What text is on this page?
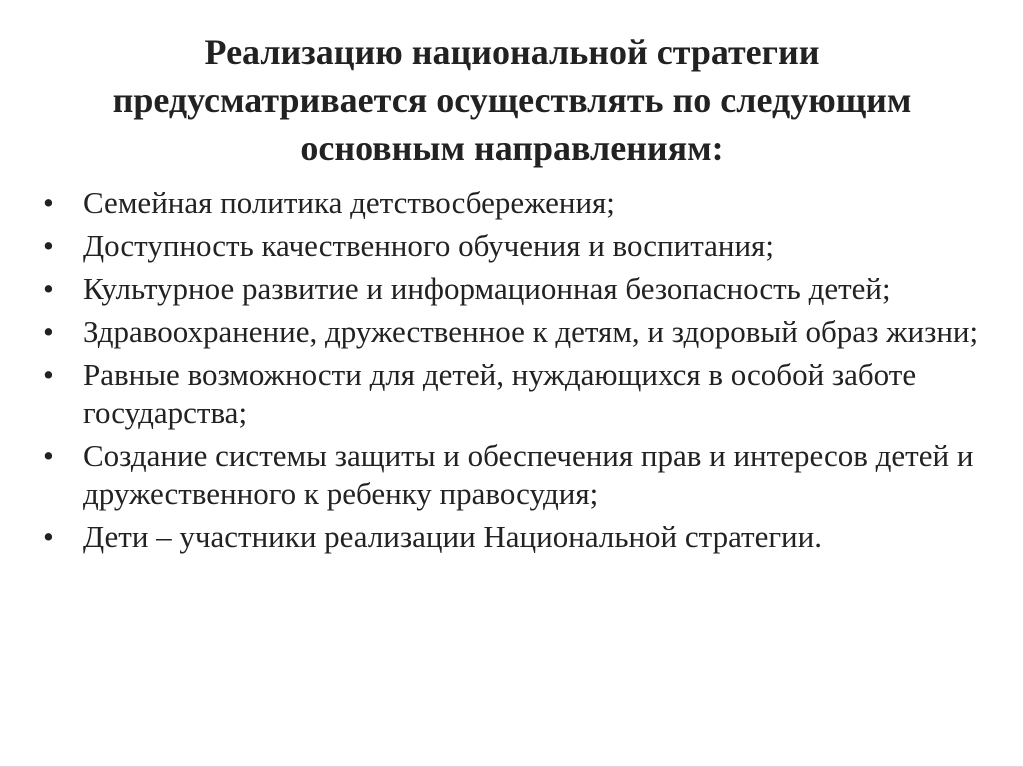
Реализацию национальной стратегии
предусматривается осуществлять по следующим
основным направлениям:
• Семейная политика детствосбережения;
• Доступность качественного обучения и воспитания;
• Культурное развитие и информационная безопасность детей;
• Здравоохранение, дружественное к детям, и здоровый образ жизни;
• Равные возможности для детей, нуждающихся в особой заботе государства;
• Создание системы защиты и обеспечения прав и интересов детей и дружественного к ребенку правосудия;
• Дети – участники реализации Национальной стратегии.
